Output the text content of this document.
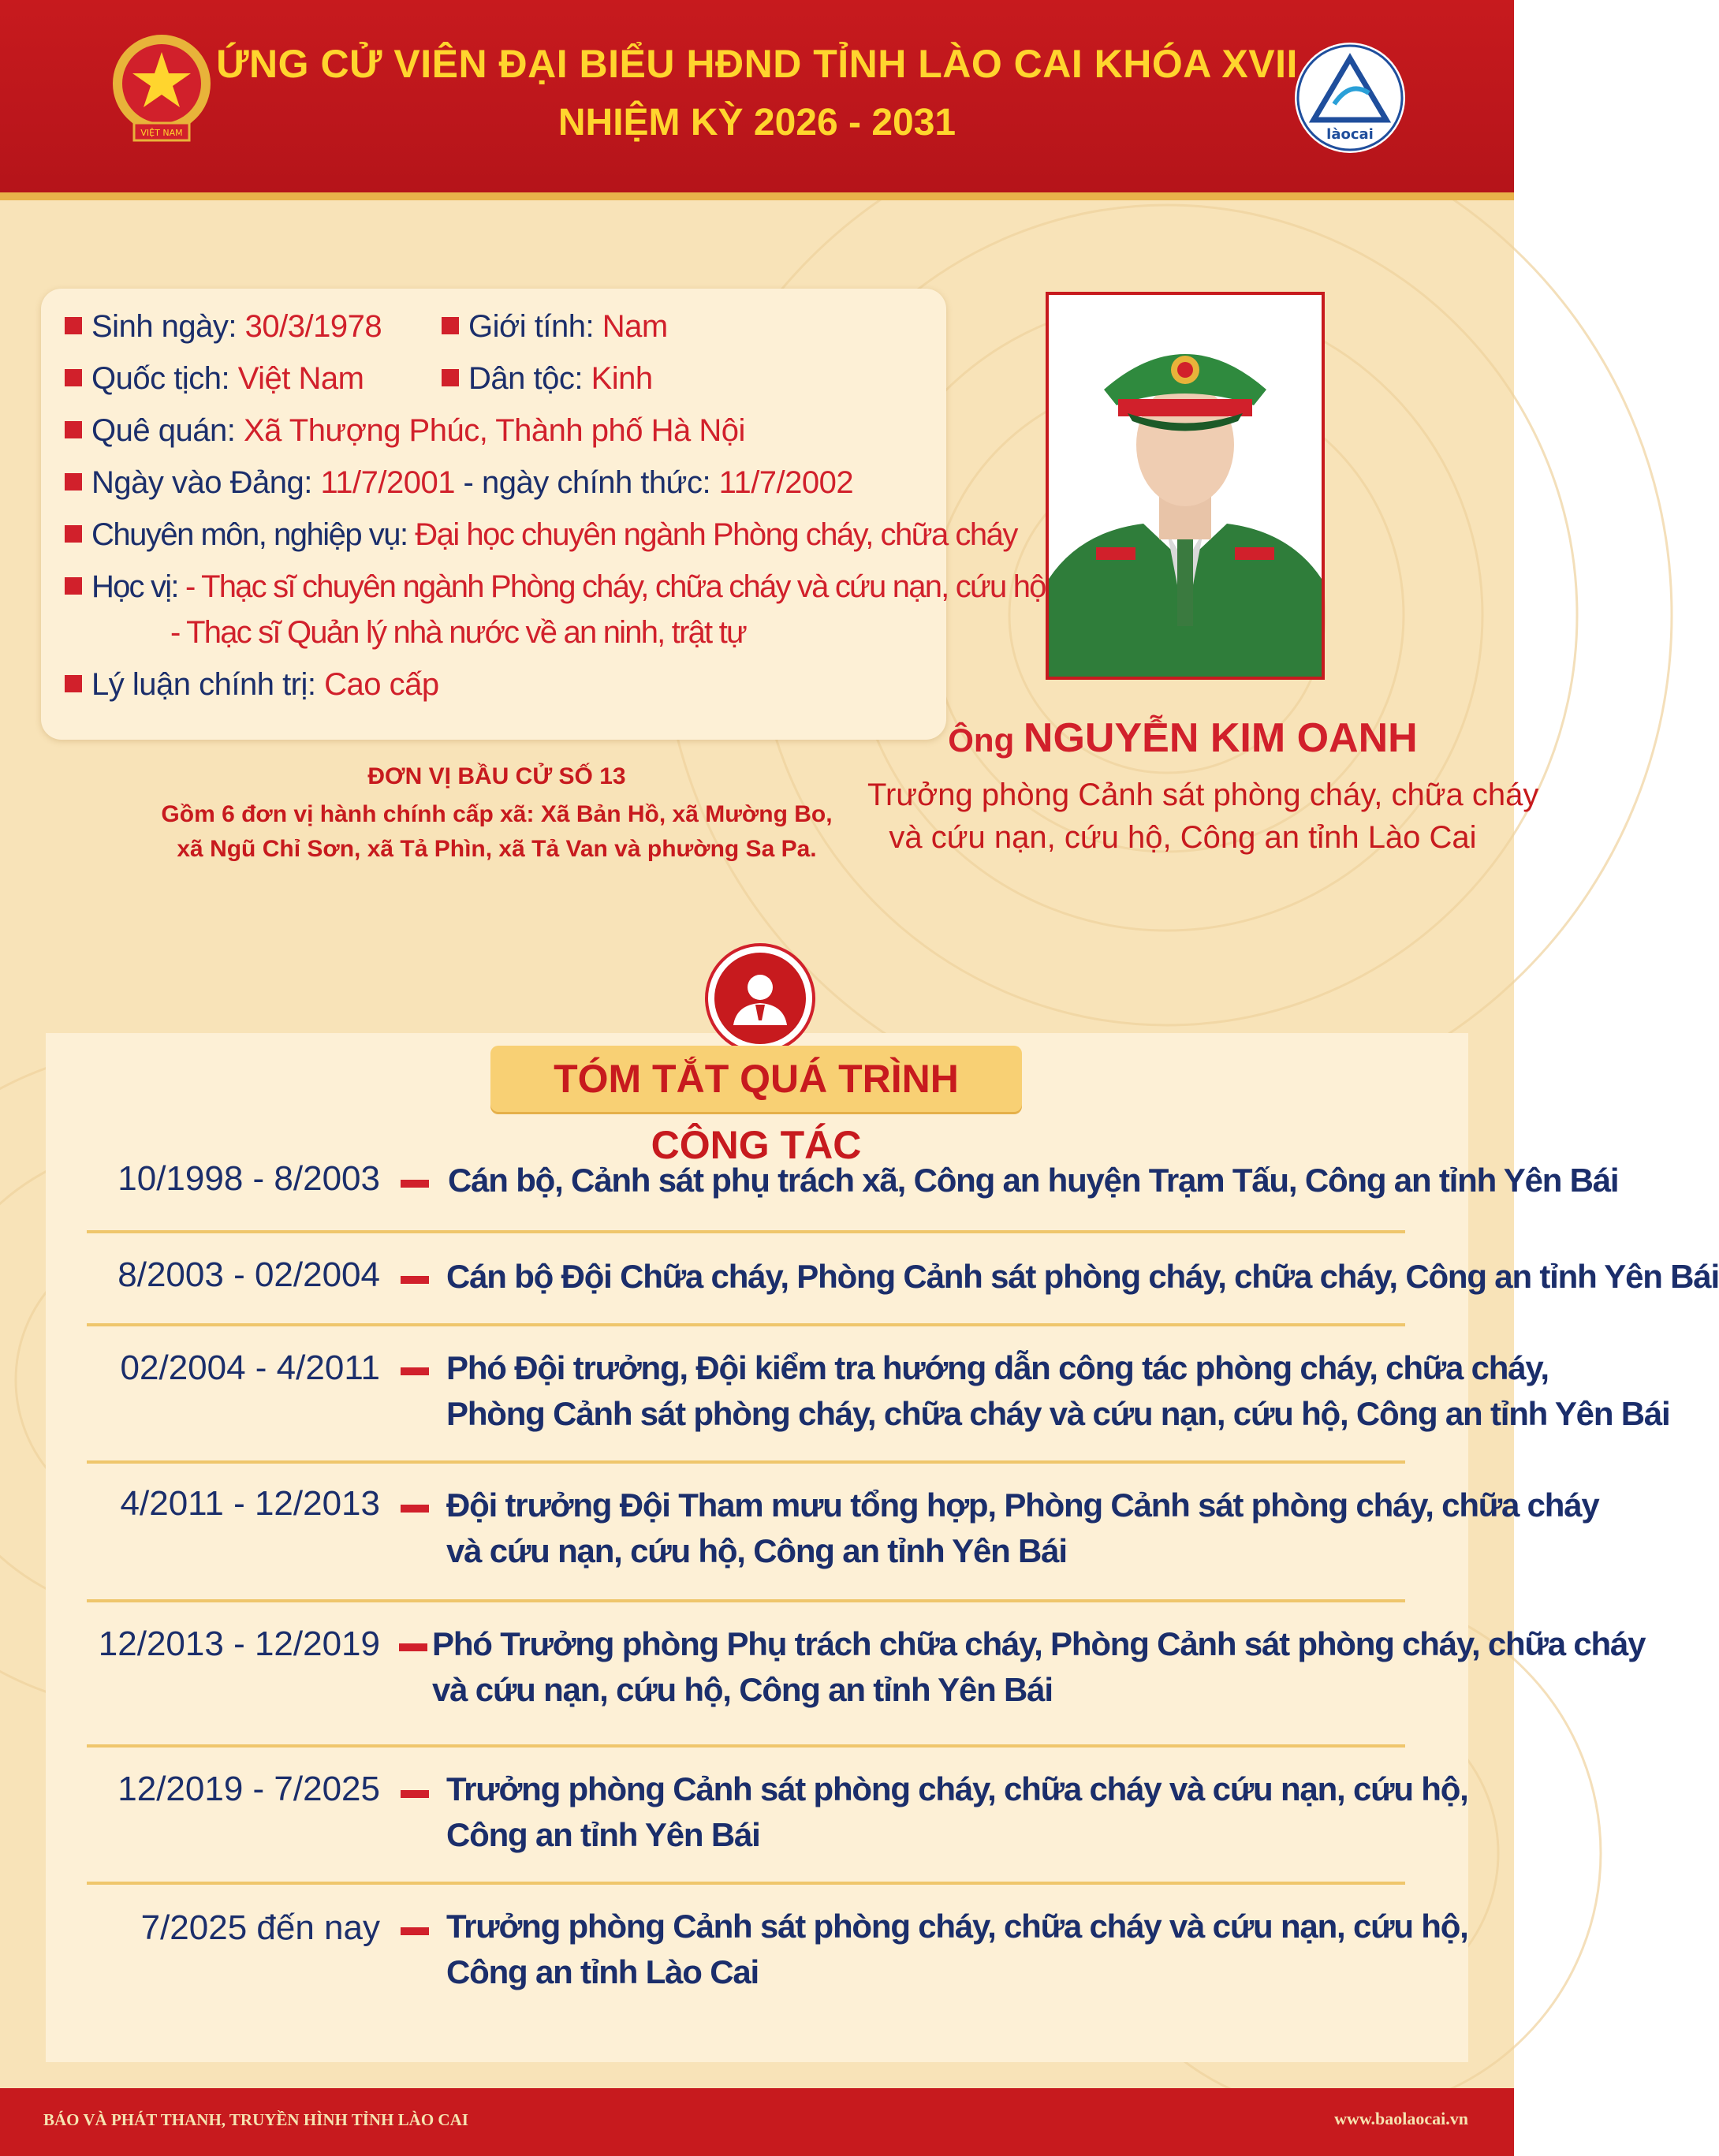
VIỆT NAM
ỨNG CỬ VIÊN ĐẠI BIỂU HĐND TỈNH LÀO CAI KHÓA XVII
NHIỆM KỲ 2026 - 2031	làocai
Sinh ngày: 30/3/1978	Giới tính: Nam
Quốc tịch: Việt Nam	Dân tộc: Kinh
Quê quán: Xã Thượng Phúc, Thành phố Hà Nội
Ngày vào Đảng: 11/7/2001 - ngày chính thức: 11/7/2002
Chuyên môn, nghiệp vụ: Đại học chuyên ngành Phòng cháy, chữa cháy
Học vị: - Thạc sĩ chuyên ngành Phòng cháy, chữa cháy và cứu nạn, cứu hộ
- Thạc sĩ Quản lý nhà nước về an ninh, trật tự
Lý luận chính trị: Cao cấp
Ông NGUYỄN KIM OANH
Trưởng phòng Cảnh sát phòng cháy, chữa cháy
và cứu nạn, cứu hộ, Công an tỉnh Lào Cai
ĐƠN VỊ BẦU CỬ SỐ 13
Gồm 6 đơn vị hành chính cấp xã: Xã Bản Hồ, xã Mường Bo,
xã Ngũ Chỉ Sơn, xã Tả Phìn, xã Tả Van và phường Sa Pa.
TÓM TẮT QUÁ TRÌNH CÔNG TÁC
10/1998 - 8/2003 Cán bộ, Cảnh sát phụ trách xã, Công an huyện Trạm Tấu, Công an tỉnh Yên Bái
8/2003 - 02/2004 Cán bộ Đội Chữa cháy, Phòng Cảnh sát phòng cháy, chữa cháy, Công an tỉnh Yên Bái
02/2004 - 4/2011 Phó Đội trưởng, Đội kiểm tra hướng dẫn công tác phòng cháy, chữa cháy,
Phòng Cảnh sát phòng cháy, chữa cháy và cứu nạn, cứu hộ, Công an tỉnh Yên Bái
4/2011 - 12/2013 Đội trưởng Đội Tham mưu tổng hợp, Phòng Cảnh sát phòng cháy, chữa cháy
và cứu nạn, cứu hộ, Công an tỉnh Yên Bái
12/2013 - 12/2019 Phó Trưởng phòng Phụ trách chữa cháy, Phòng Cảnh sát phòng cháy, chữa cháy
và cứu nạn, cứu hộ, Công an tỉnh Yên Bái
12/2019 - 7/2025 Trưởng phòng Cảnh sát phòng cháy, chữa cháy và cứu nạn, cứu hộ,
Công an tỉnh Yên Bái
7/2025 đến nay Trưởng phòng Cảnh sát phòng cháy, chữa cháy và cứu nạn, cứu hộ,
Công an tỉnh Lào Cai
BÁO VÀ PHÁT THANH, TRUYỀN HÌNH TỈNH LÀO CAI	www.baolaocai.vn
